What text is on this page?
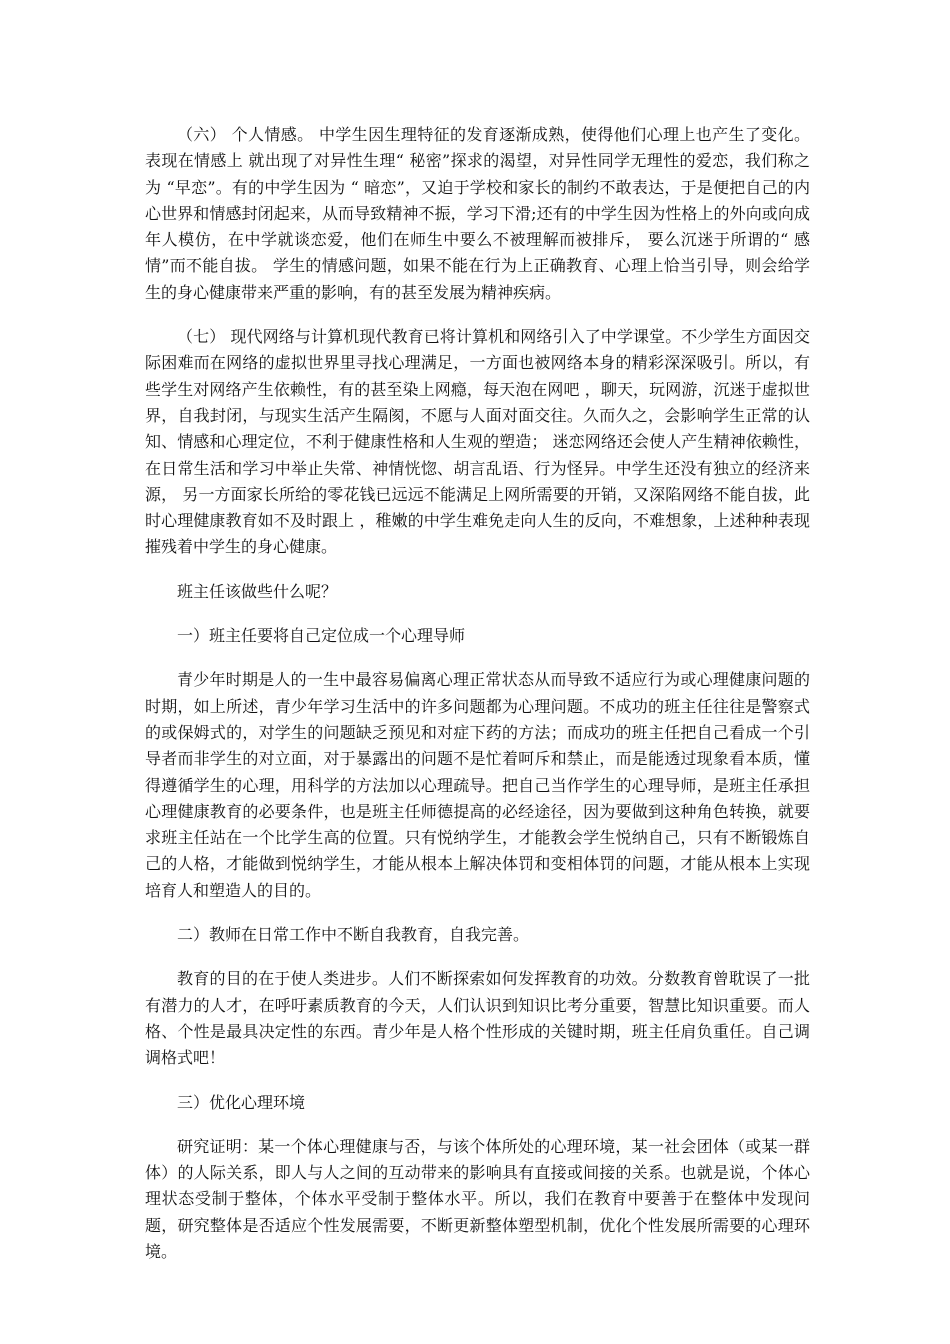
（六） 个人情感。 中学生因生理特征的发育逐渐成熟，使得他们心理上也产生了变化。表现在情感上 就出现了对异性生理“ 秘密”探求的渴望，对异性同学无理性的爱恋，我们称之为 “早恋”。有的中学生因为 “ 暗恋”，又迫于学校和家长的制约不敢表达，于是便把自己的内心世界和情感封闭起来，从而导致精神不振，学习下滑;还有的中学生因为性格上的外向或向成年人模仿，在中学就谈恋爱，他们在师生中要么不被理解而被排斥， 要么沉迷于所谓的“ 感情”而不能自拔。 学生的情感问题，如果不能在行为上正确教育、心理上恰当引导，则会给学生的身心健康带来严重的影响，有的甚至发展为精神疾病。

（七） 现代网络与计算机现代教育已将计算机和网络引入了中学课堂。不少学生方面因交际困难而在网络的虚拟世界里寻找心理满足，一方面也被网络本身的精彩深深吸引。所以，有些学生对网络产生依赖性，有的甚至染上网瘾，每天泡在网吧 ，聊天，玩网游，沉迷于虚拟世界，自我封闭，与现实生活产生隔阂，不愿与人面对面交往。久而久之，会影响学生正常的认知、情感和心理定位，不利于健康性格和人生观的塑造； 迷恋网络还会使人产生精神依赖性，在日常生活和学习中举止失常、神情恍惚、胡言乱语、行为怪异。中学生还没有独立的经济来源， 另一方面家长所给的零花钱已远远不能满足上网所需要的开销，又深陷网络不能自拔，此时心理健康教育如不及时跟上 ，稚嫩的中学生难免走向人生的反向，不难想象，上述种种表现摧残着中学生的身心健康。

班主任该做些什么呢？

一）班主任要将自己定位成一个心理导师

青少年时期是人的一生中最容易偏离心理正常状态从而导致不适应行为或心理健康问题的时期，如上所述，青少年学习生活中的许多问题都为心理问题。不成功的班主任往往是警察式的或保姆式的，对学生的问题缺乏预见和对症下药的方法；而成功的班主任把自己看成一个引导者而非学生的对立面，对于暴露出的问题不是忙着呵斥和禁止，而是能透过现象看本质，懂得遵循学生的心理，用科学的方法加以心理疏导。把自己当作学生的心理导师，是班主任承担心理健康教育的必要条件，也是班主任师德提高的必经途径，因为要做到这种角色转换，就要求班主任站在一个比学生高的位置。只有悦纳学生，才能教会学生悦纳自己，只有不断锻炼自己的人格，才能做到悦纳学生，才能从根本上解决体罚和变相体罚的问题，才能从根本上实现培育人和塑造人的目的。

二）教师在日常工作中不断自我教育，自我完善。

教育的目的在于使人类进步。人们不断探索如何发挥教育的功效。分数教育曾耽误了一批有潜力的人才，在呼吁素质教育的今天，人们认识到知识比考分重要，智慧比知识重要。而人格、个性是最具决定性的东西。青少年是人格个性形成的关键时期，班主任肩负重任。自己调调格式吧！

三）优化心理环境

研究证明：某一个体心理健康与否，与该个体所处的心理环境，某一社会团体（或某一群体）的人际关系，即人与人之间的互动带来的影响具有直接或间接的关系。也就是说，个体心理状态受制于整体，个体水平受制于整体水平。所以，我们在教育中要善于在整体中发现问题，研究整体是否适应个性发展需要，不断更新整体塑型机制，优化个性发展所需要的心理环境。
